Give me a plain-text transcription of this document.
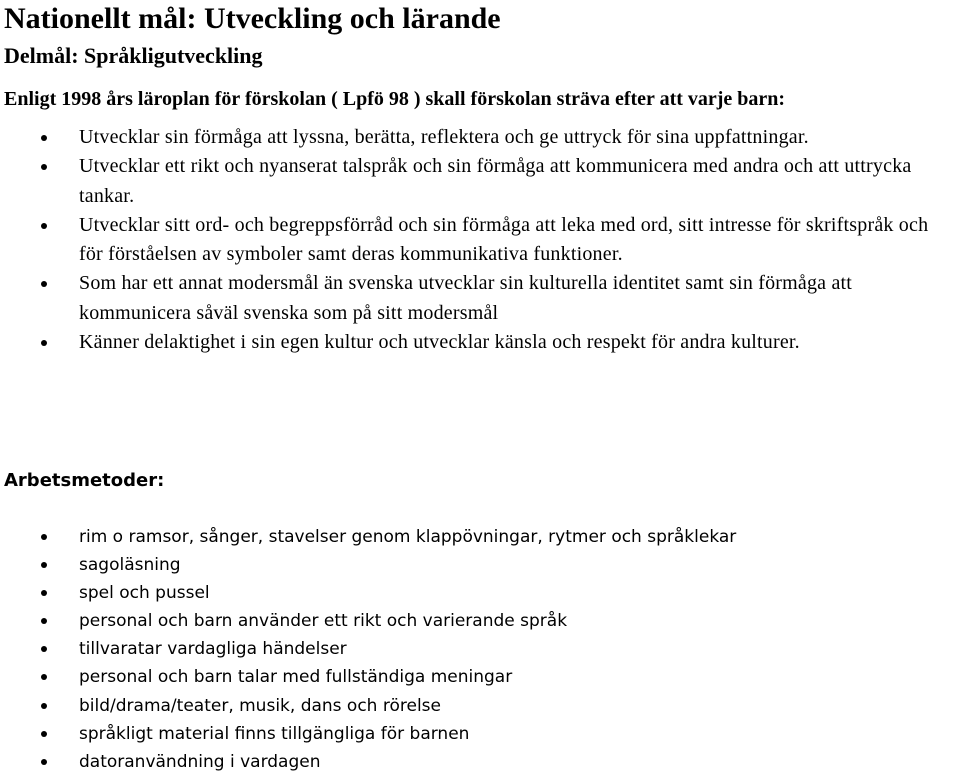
Nationellt mål: Utveckling och lärande
Delmål: Språkligutveckling

Enligt 1998 års läroplan för förskolan ( Lpfö 98 ) skall förskolan sträva efter att varje barn:

Utvecklar sin förmåga att lyssna, berätta, reflektera och ge uttryck för sina uppfattningar.
Utvecklar ett rikt och nyanserat talspråk och sin förmåga att kommunicera med andra och att uttrycka tankar.
Utvecklar sitt ord- och begreppsförråd och sin förmåga att leka med ord, sitt intresse för skriftspråk och för förståelsen av symboler samt deras kommunikativa funktioner.
Som har ett annat modersmål än svenska utvecklar sin kulturella identitet samt sin förmåga att kommunicera såväl svenska som på sitt modersmål
Känner delaktighet i sin egen kultur och utvecklar känsla och respekt för andra kulturer.
Arbetsmetoder:
rim o ramsor, sånger, stavelser genom klappövningar, rytmer och språklekar
sagoläsning
spel och pussel
personal och barn använder ett rikt och varierande språk
tillvaratar vardagliga händelser
personal och barn talar med fullständiga meningar
bild/drama/teater, musik, dans och rörelse
språkligt material finns tillgängliga för barnen
datoranvändning i vardagen
